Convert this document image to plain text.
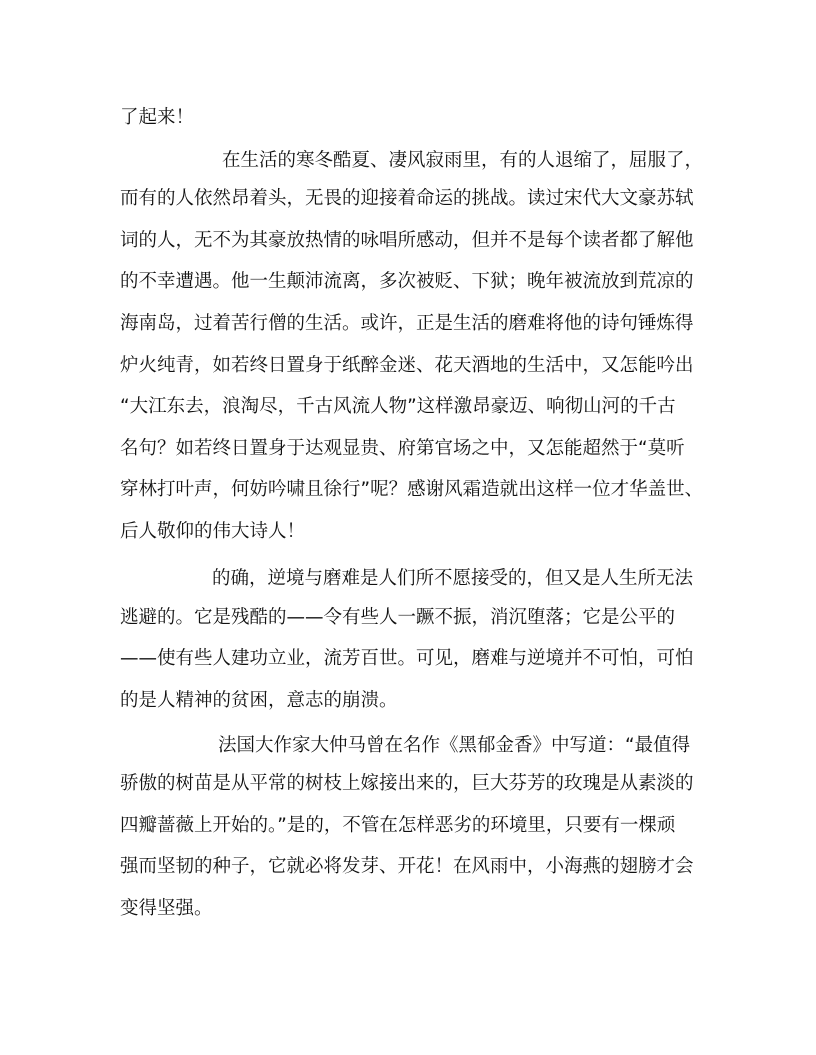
了起来！
在生活的寒冬酷夏、凄风寂雨里，有的人退缩了，屈服了，
而有的人依然昂着头，无畏的迎接着命运的挑战。读过宋代大文豪苏轼
词的人，无不为其豪放热情的咏唱所感动，但并不是每个读者都了解他
的不幸遭遇。他一生颠沛流离，多次被贬、下狱；晚年被流放到荒凉的
海南岛，过着苦行僧的生活。或许，正是生活的磨难将他的诗句锤炼得
炉火纯青，如若终日置身于纸醉金迷、花天酒地的生活中，又怎能吟出
“大江东去，浪淘尽，千古风流人物”这样激昂豪迈、响彻山河的千古
名句？如若终日置身于达观显贵、府第官场之中，又怎能超然于“莫听
穿林打叶声，何妨吟啸且徐行”呢？感谢风霜造就出这样一位才华盖世、
后人敬仰的伟大诗人！
的确，逆境与磨难是人们所不愿接受的，但又是人生所无法
逃避的。它是残酷的——令有些人一蹶不振，消沉堕落；它是公平的
——使有些人建功立业，流芳百世。可见，磨难与逆境并不可怕，可怕
的是人精神的贫困，意志的崩溃。
法国大作家大仲马曾在名作《黑郁金香》中写道：“最值得
骄傲的树苗是从平常的树枝上嫁接出来的，巨大芬芳的玫瑰是从素淡的
四瓣蔷薇上开始的。”是的，不管在怎样恶劣的环境里，只要有一棵顽
强而坚韧的种子，它就必将发芽、开花！在风雨中，小海燕的翅膀才会
变得坚强。
